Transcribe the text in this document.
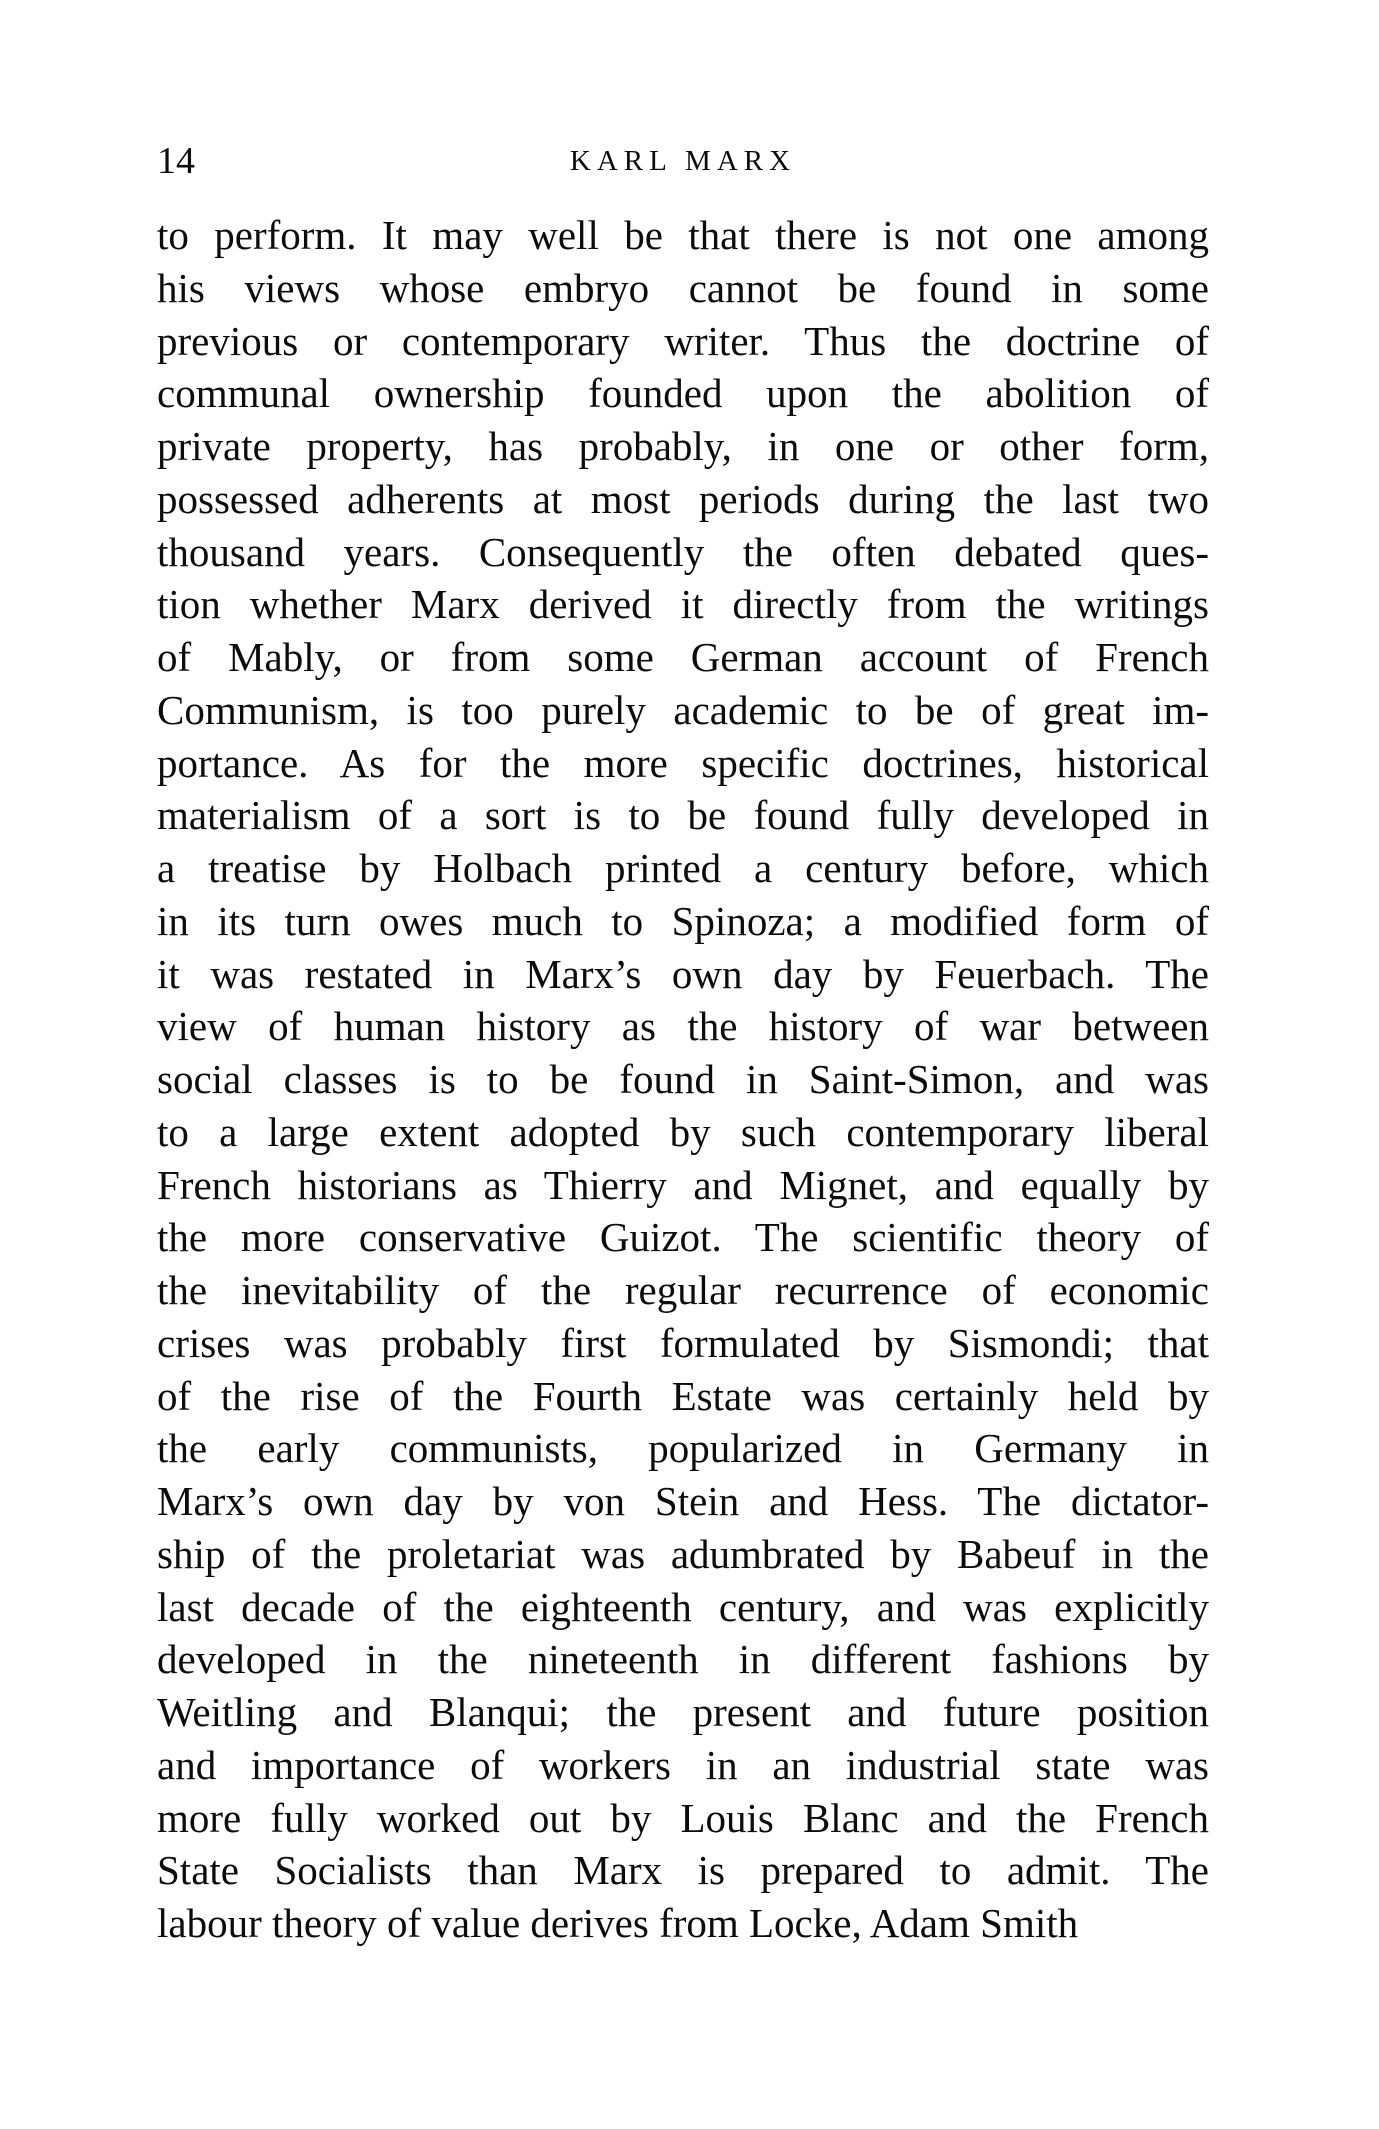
14	KARL MARX
to perform. It may well be that there is not one among
his views whose embryo cannot be found in some
previous or contemporary writer. Thus the doctrine of
communal ownership founded upon the abolition of
private property, has probably, in one or other form,
possessed adherents at most periods during the last two
thousand years. Consequently the often debated ques-
tion whether Marx derived it directly from the writings
of Mably, or from some German account of French
Communism, is too purely academic to be of great im-
portance. As for the more specific doctrines, historical
materialism of a sort is to be found fully developed in
a treatise by Holbach printed a century before, which
in its turn owes much to Spinoza; a modified form of
it was restated in Marx’s own day by Feuerbach. The
view of human history as the history of war between
social classes is to be found in Saint-Simon, and was
to a large extent adopted by such contemporary liberal
French historians as Thierry and Mignet, and equally by
the more conservative Guizot. The scientific theory of
the inevitability of the regular recurrence of economic
crises was probably first formulated by Sismondi; that
of the rise of the Fourth Estate was certainly held by
the early communists, popularized in Germany in
Marx’s own day by von Stein and Hess. The dictator-
ship of the proletariat was adumbrated by Babeuf in the
last decade of the eighteenth century, and was explicitly
developed in the nineteenth in different fashions by
Weitling and Blanqui; the present and future position
and importance of workers in an industrial state was
more fully worked out by Louis Blanc and the French
State Socialists than Marx is prepared to admit. The
labour theory of value derives from Locke, Adam Smith
